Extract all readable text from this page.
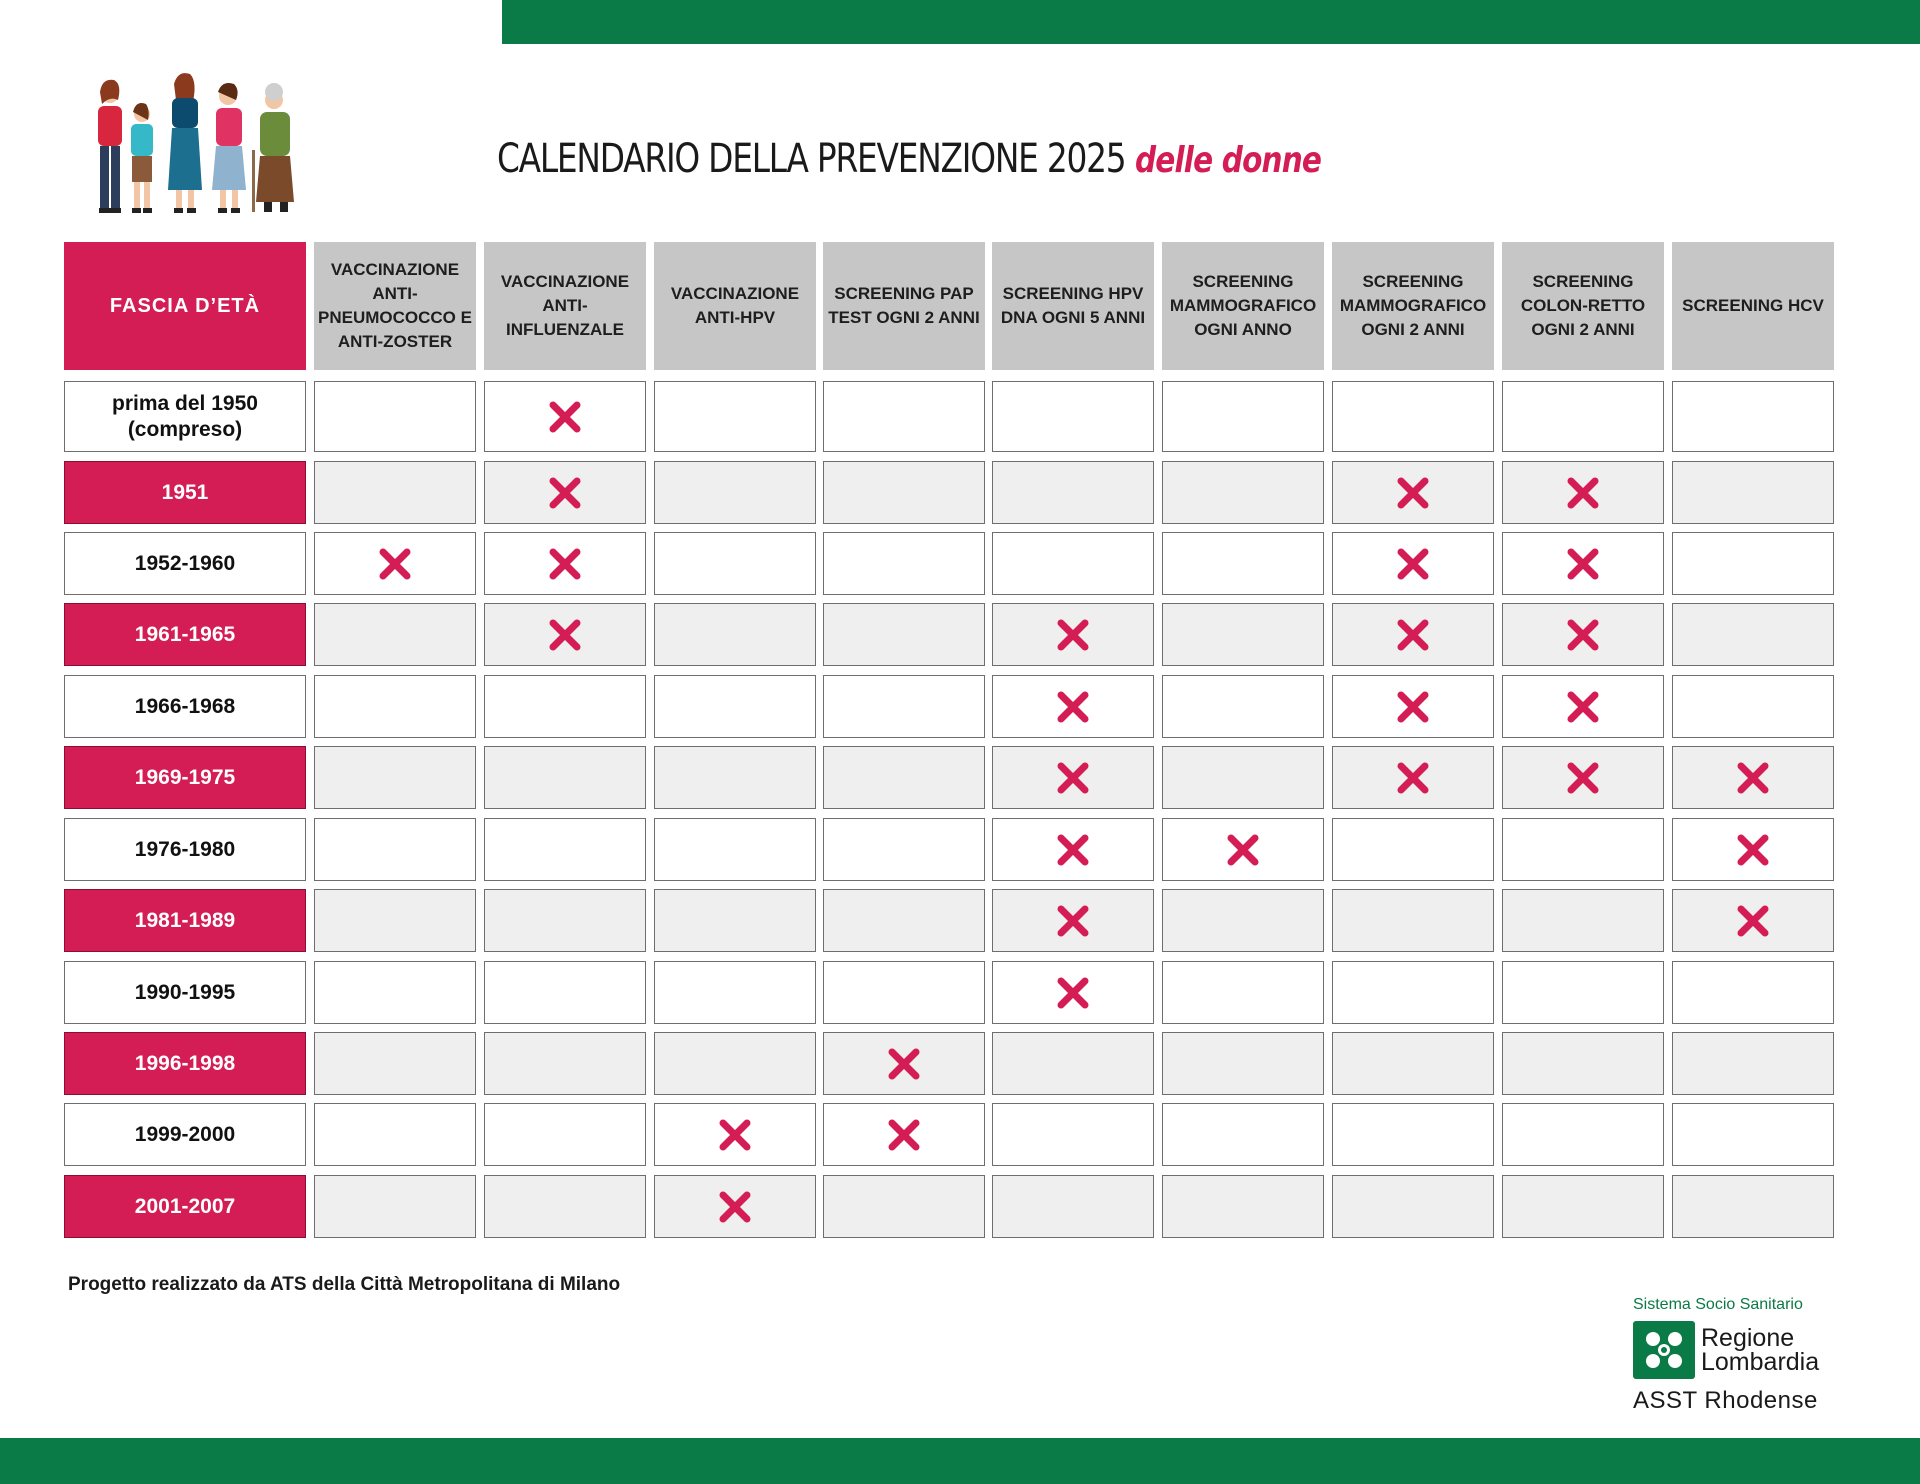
CALENDARIO DELLA PREVENZIONE 2025 delle donne
FASCIA D’ETÀ
VACCINAZIONE ANTI-PNEUMOCOCCO E ANTI-ZOSTER
VACCINAZIONE ANTI-INFLUENZALE
VACCINAZIONE ANTI-HPV
SCREENING PAP TEST OGNI 2 ANNI
SCREENING HPV DNA OGNI 5 ANNI
SCREENING MAMMOGRAFICO OGNI ANNO
SCREENING MAMMOGRAFICO OGNI 2 ANNI
SCREENING COLON-RETTO OGNI 2 ANNI
SCREENING HCV
prima del 1950 (compreso)
1951
1952-1960
1961-1965
1966-1968
1969-1975
1976-1980
1981-1989
1990-1995
1996-1998
1999-2000
2001-2007
Progetto realizzato da ATS della Città Metropolitana di Milano
Sistema Socio Sanitario
Regione
Lombardia
ASST Rhodense
